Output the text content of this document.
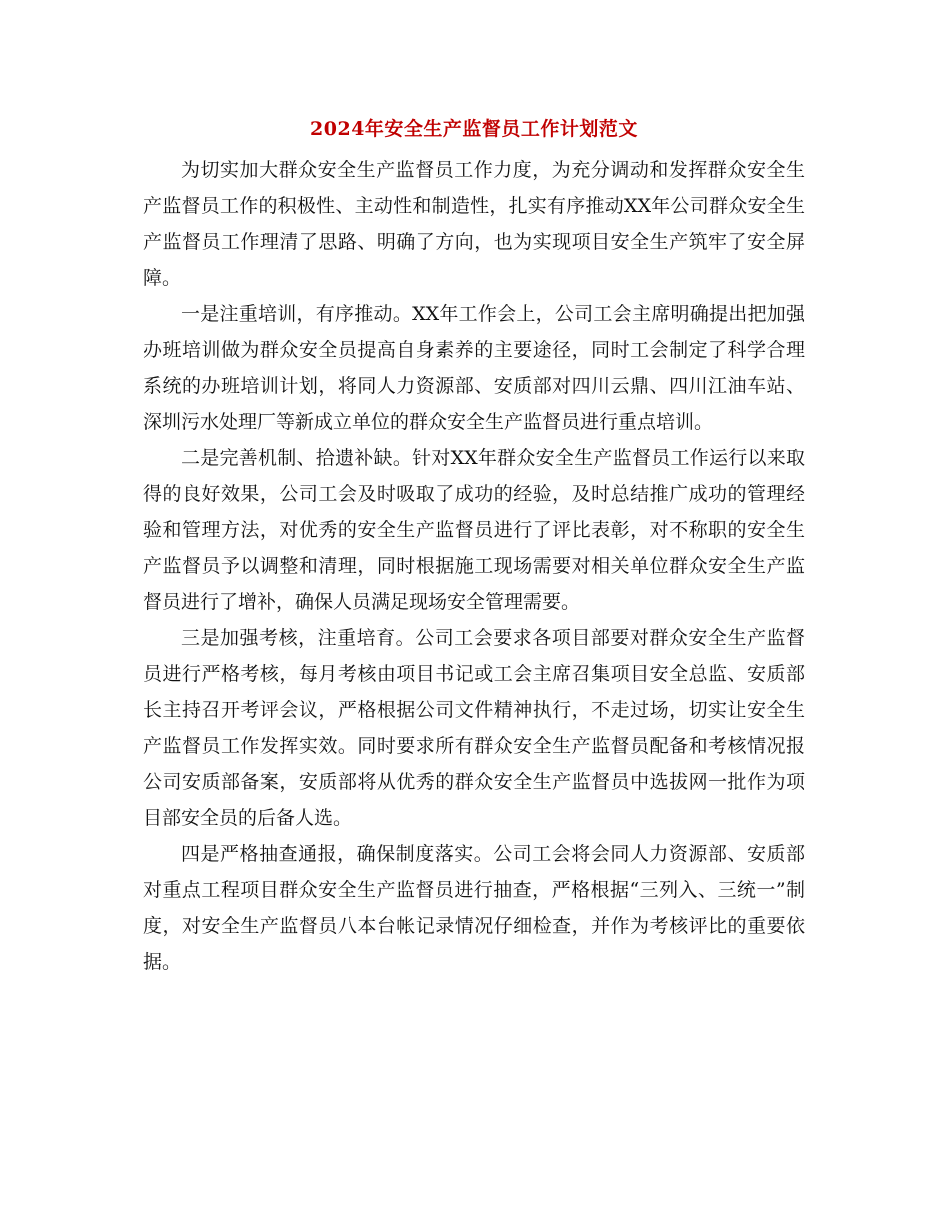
2024年安全生产监督员工作计划范文

为切实加大群众安全生产监督员工作力度，为充分调动和发挥群众安全生产监督员工作的积极性、主动性和制造性，扎实有序推动XX年公司群众安全生产监督员工作理清了思路、明确了方向，也为实现项目安全生产筑牢了安全屏障。

一是注重培训，有序推动。XX年工作会上，公司工会主席明确提出把加强办班培训做为群众安全员提高自身素养的主要途径，同时工会制定了科学合理系统的办班培训计划，将同人力资源部、安质部对四川云鼎、四川江油车站、深圳污水处理厂等新成立单位的群众安全生产监督员进行重点培训。

二是完善机制、拾遗补缺。针对XX年群众安全生产监督员工作运行以来取得的良好效果，公司工会及时吸取了成功的经验，及时总结推广成功的管理经验和管理方法，对优秀的安全生产监督员进行了评比表彰，对不称职的安全生产监督员予以调整和清理，同时根据施工现场需要对相关单位群众安全生产监督员进行了增补，确保人员满足现场安全管理需要。

三是加强考核，注重培育。公司工会要求各项目部要对群众安全生产监督员进行严格考核，每月考核由项目书记或工会主席召集项目安全总监、安质部长主持召开考评会议，严格根据公司文件精神执行，不走过场，切实让安全生产监督员工作发挥实效。同时要求所有群众安全生产监督员配备和考核情况报公司安质部备案，安质部将从优秀的群众安全生产监督员中选拔网一批作为项目部安全员的后备人选。

四是严格抽查通报，确保制度落实。公司工会将会同人力资源部、安质部对重点工程项目群众安全生产监督员进行抽查，严格根据“三列入、三统一”制度，对安全生产监督员八本台帐记录情况仔细检查，并作为考核评比的重要依据。
